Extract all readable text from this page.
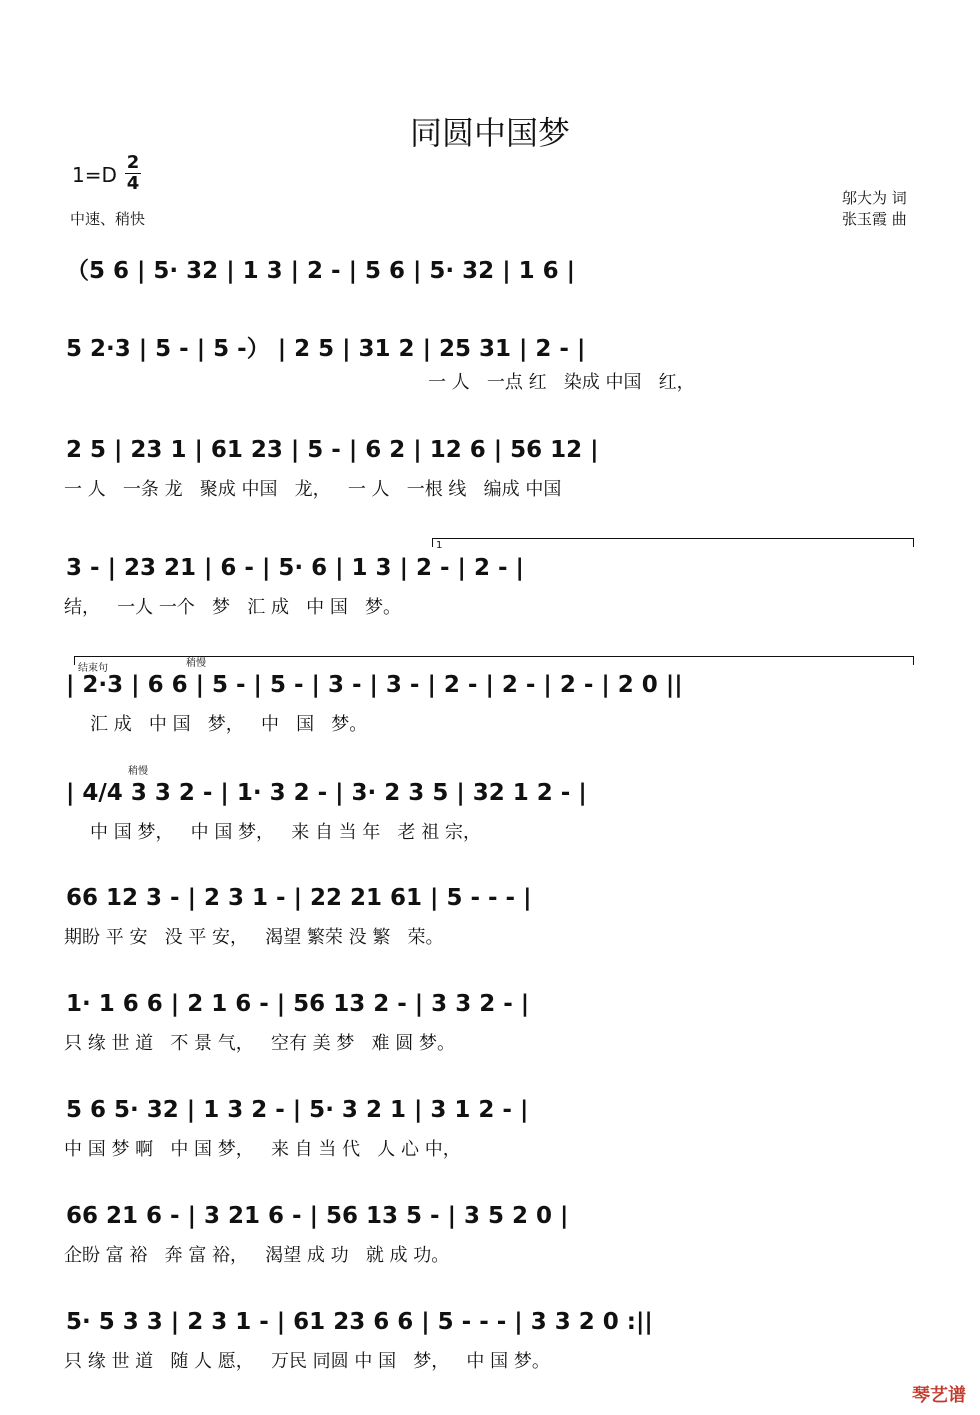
同圆中国梦
$1=D \frac{2}{4}$
中速、稍快
邬大为 词
张玉霞 曲
（5 6 | 5· 32 | 1 3 | 2 - | 5 6 | 5· 32 | 1 6 |
5 2·3 | 5 - | 5 -） | 2 5 | 31 2 | 25 31 | 2 - |
一 人   一点 红   染成 中国   红，
2 5 | 23 1 | 61 23 | 5 - | 6 2 | 12 6 | 56 12 |
一 人   一条 龙   聚成 中国   龙，   一 人   一根 线   编成 中国
3 - | 23 21 | 6 - | 5· 6 | 1 3 | 2 - | 2 - |
结，   一人 一个   梦   汇 成   中 国   梦。
| 2·3 | 6 6 | 5 - | 5 - | 3 - | 3 - | 2 - | 2 - | 2 - | 2 0 ||
汇 成   中 国   梦，   中   国   梦。
| 4/4 3 3 2 - | 1· 3 2 - | 3· 2 3 5 | 32 1 2 - |
中 国 梦，   中 国 梦，   来 自 当 年   老 祖 宗，
66 12 3 - | 2 3 1 - | 22 21 61 | 5 - - - |
期盼 平 安   没 平 安，   渴望 繁荣 没 繁   荣。
1· 1 6 6 | 2 1 6 - | 56 13 2 - | 3 3 2 - |
只 缘 世 道   不 景 气，   空有 美 梦   难 圆 梦。
5 6 5· 32 | 1 3 2 - | 5· 3 2 1 | 3 1 2 - |
中 国 梦 啊   中 国 梦，   来 自 当 代   人 心 中，
66 21 6 - | 3 21 6 - | 56 13 5 - | 3 5 2 0 |
企盼 富 裕   奔 富 裕，   渴望 成 功   就 成 功。
5· 5 3 3 | 2 3 1 - | 61 23 6 6 | 5 - - - | 3 3 2 0 :||
只 缘 世 道   随 人 愿，   万民 同圆 中 国   梦，   中 国 梦。
1
结束句	稍慢
稍慢
琴艺谱
